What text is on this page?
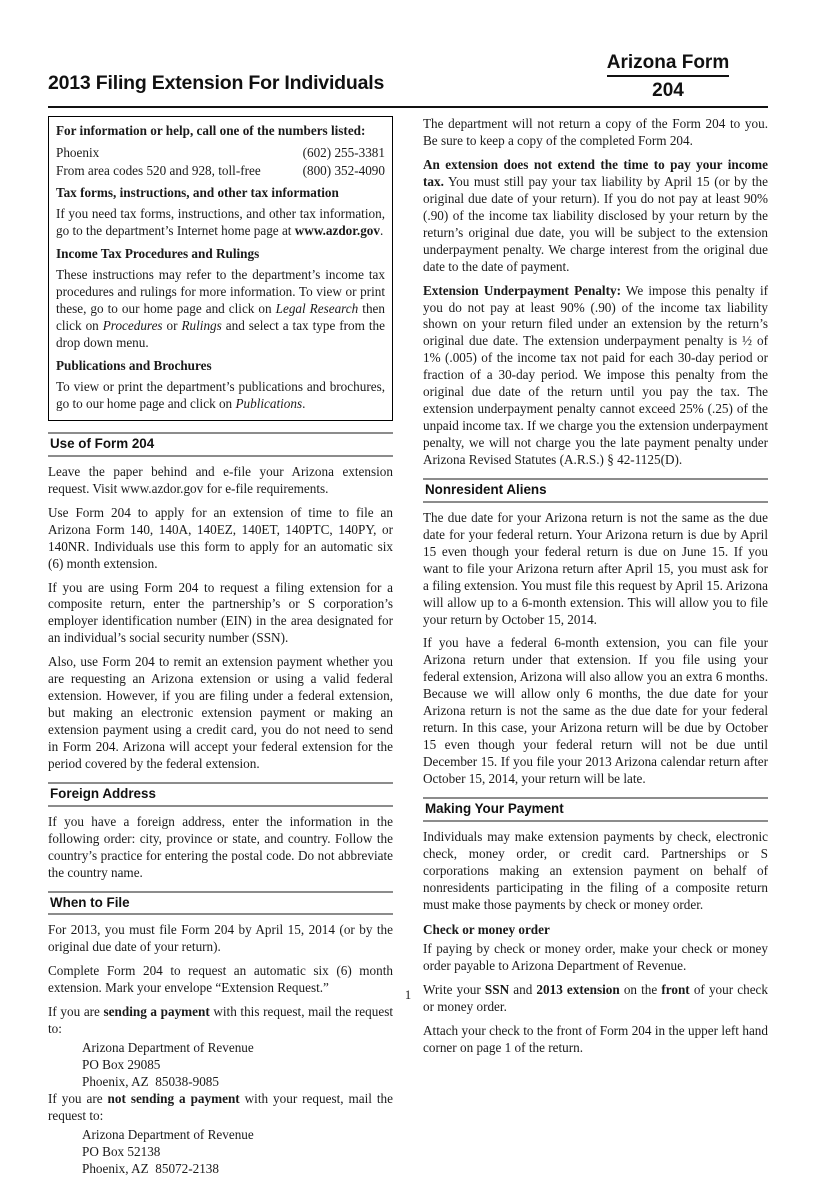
2013 Filing Extension For Individuals
Arizona Form
204

For information or help, call one of the numbers listed:

Phoenix	(602) 255-3381
From area codes 520 and 928, toll-free	(800) 352-4090

Tax forms, instructions, and other tax information

If you need tax forms, instructions, and other tax information, go to the department’s Internet home page at www.azdor.gov.

Income Tax Procedures and Rulings

These instructions may refer to the department’s income tax procedures and rulings for more information. To view or print these, go to our home page and click on Legal Research then click on Procedures or Rulings and select a tax type from the drop down menu.

Publications and Brochures

To view or print the department’s publications and brochures, go to our home page and click on Publications.

Use of Form 204

Leave the paper behind and e-file your Arizona extension request. Visit www.azdor.gov for e-file requirements.

Use Form 204 to apply for an extension of time to file an Arizona Form 140, 140A, 140EZ, 140ET, 140PTC, 140PY, or 140NR. Individuals use this form to apply for an automatic six (6) month extension.

If you are using Form 204 to request a filing extension for a composite return, enter the partnership’s or S corporation’s employer identification number (EIN) in the area designated for an individual’s social security number (SSN).

Also, use Form 204 to remit an extension payment whether you are requesting an Arizona extension or using a valid federal extension. However, if you are filing under a federal extension, but making an electronic extension payment or making an extension payment using a credit card, you do not need to send in Form 204. Arizona will accept your federal extension for the period covered by the federal extension.

Foreign Address

If you have a foreign address, enter the information in the following order: city, province or state, and country. Follow the country’s practice for entering the postal code. Do not abbreviate the country name.

When to File

For 2013, you must file Form 204 by April 15, 2014 (or by the original due date of your return).

Complete Form 204 to request an automatic six (6) month extension. Mark your envelope “Extension Request.”

If you are sending a payment with this request, mail the request to:

Arizona Department of Revenue
PO Box 29085
Phoenix, AZ  85038-9085

If you are not sending a payment with your request, mail the request to:

Arizona Department of Revenue
PO Box 52138
Phoenix, AZ  85072-2138

The department will not return a copy of the Form 204 to you. Be sure to keep a copy of the completed Form 204.

An extension does not extend the time to pay your income tax. You must still pay your tax liability by April 15 (or by the original due date of your return). If you do not pay at least 90% (.90) of the income tax liability disclosed by your return by the return’s original due date, you will be subject to the extension underpayment penalty. We charge interest from the original due date to the date of payment.

Extension Underpayment Penalty: We impose this penalty if you do not pay at least 90% (.90) of the income tax liability shown on your return filed under an extension by the return’s original due date. The extension underpayment penalty is ½ of 1% (.005) of the income tax not paid for each 30-day period or fraction of a 30-day period. We impose this penalty from the original due date of the return until you pay the tax. The extension underpayment penalty cannot exceed 25% (.25) of the unpaid income tax. If we charge you the extension underpayment penalty, we will not charge you the late payment penalty under Arizona Revised Statutes (A.R.S.) § 42-1125(D).

Nonresident Aliens

The due date for your Arizona return is not the same as the due date for your federal return. Your Arizona return is due by April 15 even though your federal return is due on June 15. If you want to file your Arizona return after April 15, you must ask for a filing extension. You must file this request by April 15. Arizona will allow up to a 6-month extension. This will allow you to file your return by October 15, 2014.

If you have a federal 6-month extension, you can file your Arizona return under that extension. If you file using your federal extension, Arizona will also allow you an extra 6 months. Because we will allow only 6 months, the due date for your Arizona return is not the same as the due date for your federal return. In this case, your Arizona return will be due by October 15 even though your federal return will not be due until December 15. If you file your 2013 Arizona calendar return after October 15, 2014, your return will be late.

Making Your Payment

Individuals may make extension payments by check, electronic check, money order, or credit card. Partnerships or S corporations making an extension payment on behalf of nonresidents participating in the filing of a composite return must make those payments by check or money order.

Check or money order

If paying by check or money order, make your check or money order payable to Arizona Department of Revenue.

Write your SSN and 2013 extension on the front of your check or money order.

Attach your check to the front of Form 204 in the upper left hand corner on page 1 of the return.

1
